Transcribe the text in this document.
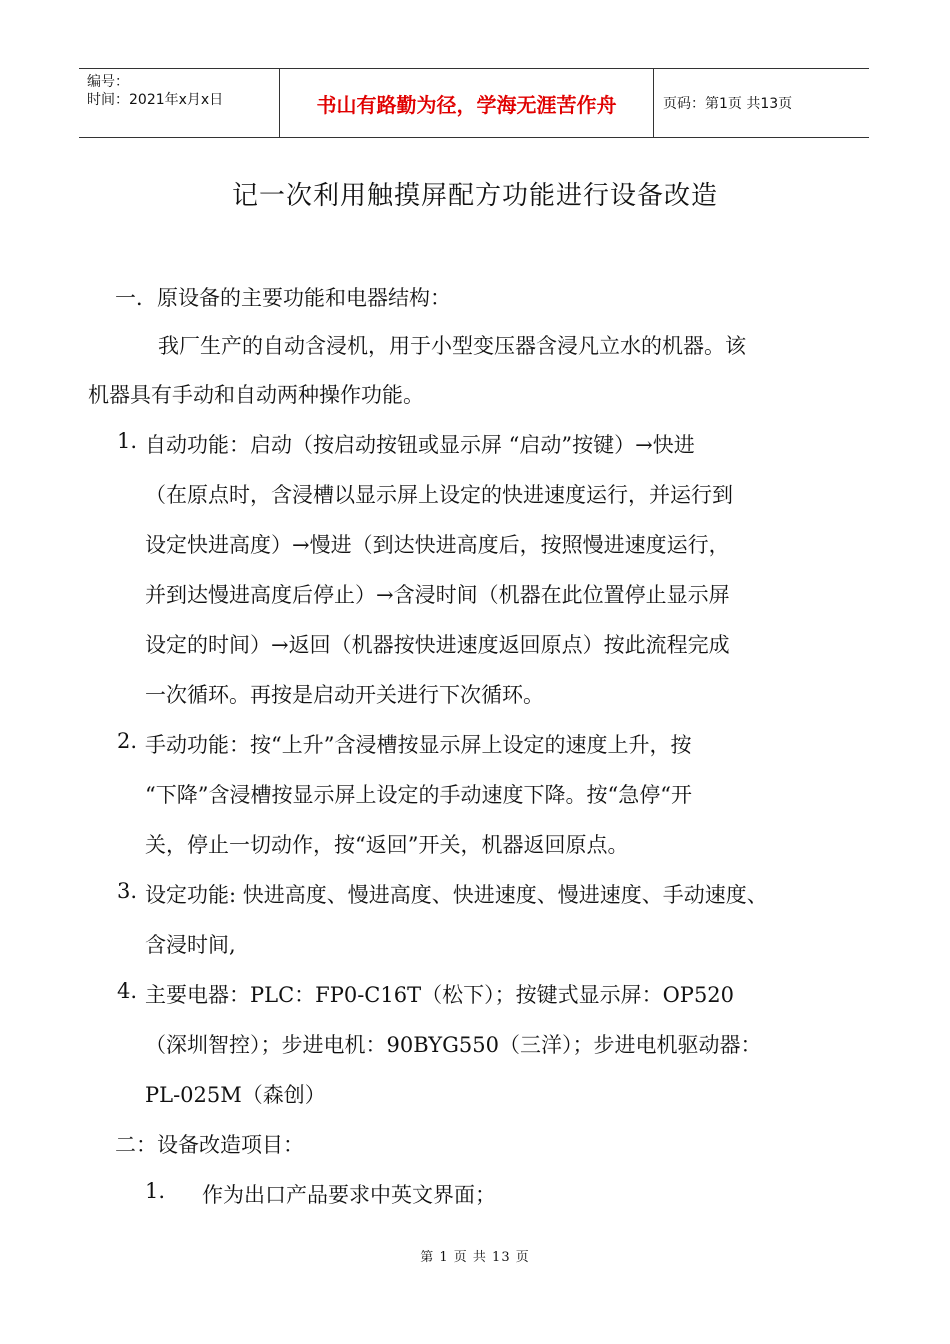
编号：
时间：2021年x月x日	书山有路勤为径，学海无涯苦作舟	页码：第1页 共13页
记一次利用触摸屏配方功能进行设备改造
一．原设备的主要功能和电器结构：
我厂生产的自动含浸机，用于小型变压器含浸凡立水的机器。该
机器具有手动和自动两种操作功能。
1. 自动功能：启动（按启动按钮或显示屏 “启动”按键）→快进
（在原点时，含浸槽以显示屏上设定的快进速度运行，并运行到
设定快进高度）→慢进（到达快进高度后，按照慢进速度运行，
并到达慢进高度后停止）→含浸时间（机器在此位置停止显示屏
设定的时间）→返回（机器按快进速度返回原点）按此流程完成
一次循环。再按是启动开关进行下次循环。
2. 手动功能：按“上升”含浸槽按显示屏上设定的速度上升，按
“下降”含浸槽按显示屏上设定的手动速度下降。按“急停“开
关，停止一切动作，按“返回”开关，机器返回原点。
3. 设定功能: 快进高度、慢进高度、快进速度、慢进速度、手动速度、
含浸时间,
4. 主要电器：PLC：FP0-C16T（松下）；按键式显示屏：OP520
（深圳智控）；步进电机：90BYG550（三洋）；步进电机驱动器：
PL-025M（森创）
二：设备改造项目：
1. 作为出口产品要求中英文界面；
第 1 页 共 13 页
